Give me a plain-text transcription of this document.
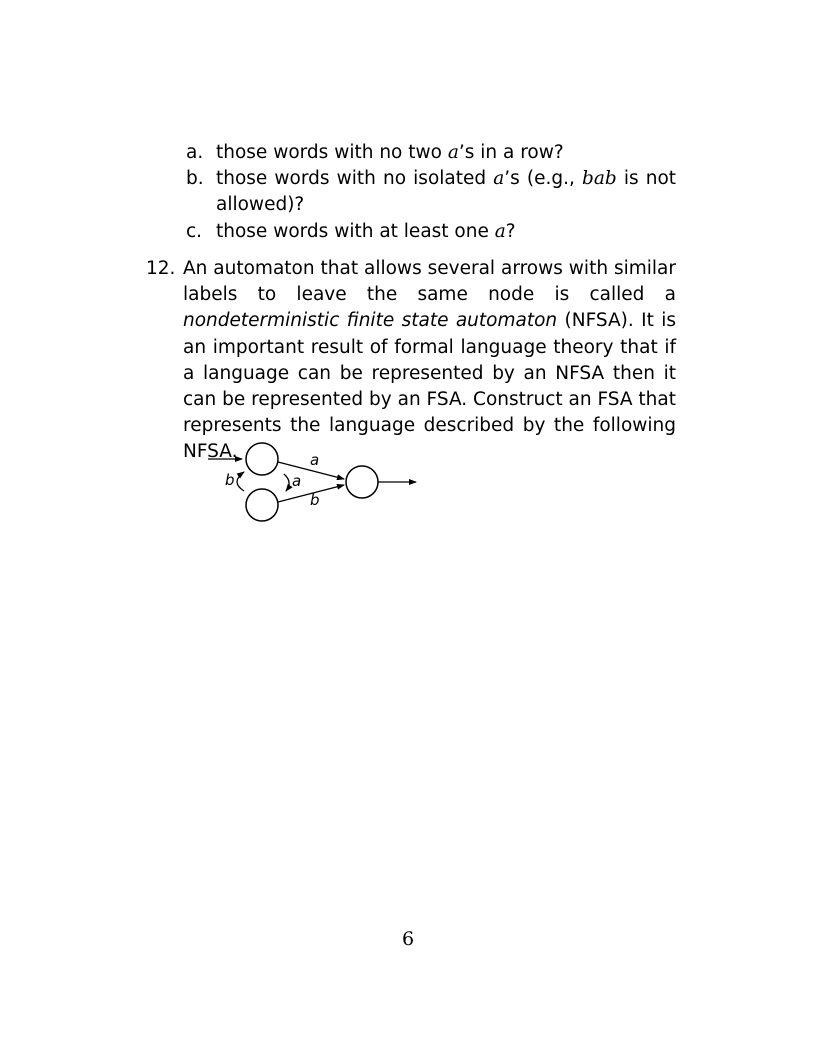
a. those words with no two a’s in a row?
b. those words with no isolated a’s (e.g., bab is not allowed)?
c. those words with at least one a?
12. An automaton that allows several arrows with similar labels to leave the same node is called a nondeterministic finite state automaton (NFSA). It is an important result of formal language theory that if a language can be represented by an NFSA then it can be represented by an FSA. Construct an FSA that represents the language described by the following NFSA.	a
a
b
b
6
